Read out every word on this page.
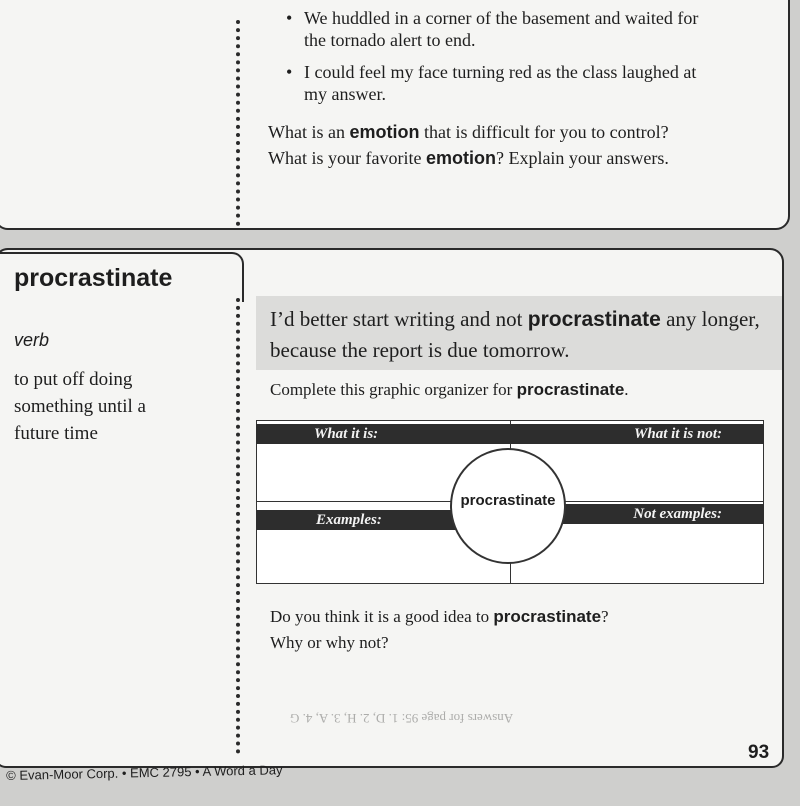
• We huddled in a corner of the basement and waited for
the tornado alert to end.
• I could feel my face turning red as the class laughed at
my answer.
What is an emotion that is difficult for you to control?
What is your favorite emotion? Explain your answers.
procrastinate
verb
to put off doing
something until a
future time
I’d better start writing and not procrastinate any longer, because the report is due tomorrow.
Complete this graphic organizer for procrastinate.
What it is:	What it is not:
Examples:	Not examples:
procrastinate
Do you think it is a good idea to procrastinate?
Why or why not?
Answers for page 95: 1. D, 2. H, 3. A, 4. G
93
© Evan-Moor Corp. • EMC 2795 • A Word a Day
